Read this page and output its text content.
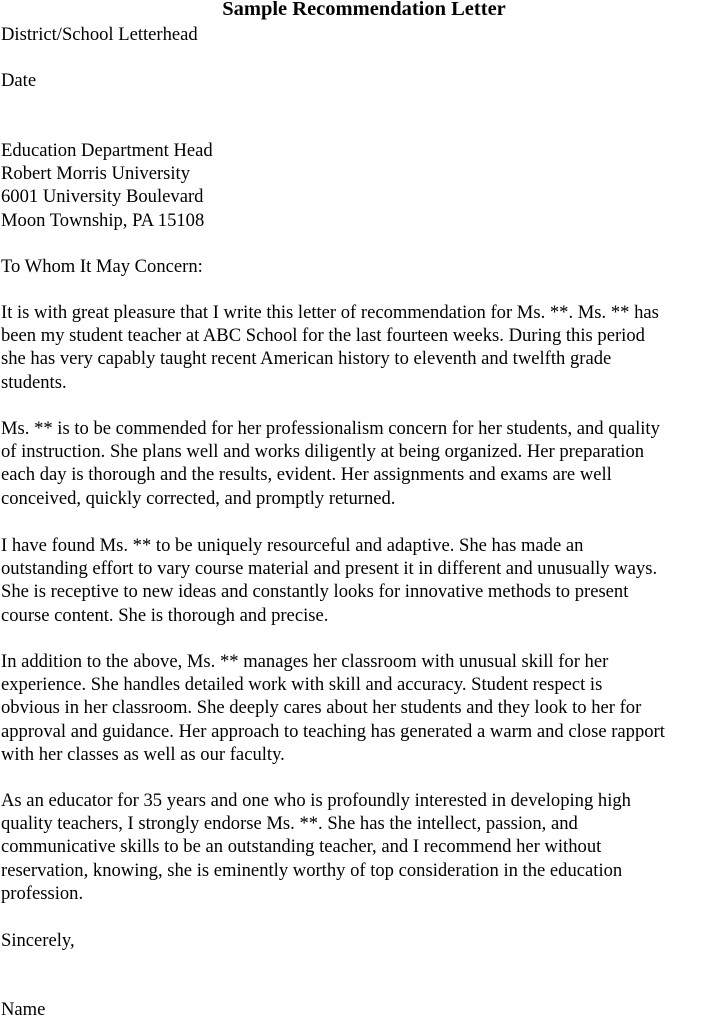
Sample Recommendation Letter
District/School Letterhead
Date
Education Department Head
Robert Morris University
6001 University Boulevard
Moon Township, PA 15108
To Whom It May Concern:
It is with great pleasure that I write this letter of recommendation for Ms. **. Ms. ** has
been my student teacher at ABC School for the last fourteen weeks. During this period
she has very capably taught recent American history to eleventh and twelfth grade
students.
Ms. ** is to be commended for her professionalism concern for her students, and quality
of instruction. She plans well and works diligently at being organized. Her preparation
each day is thorough and the results, evident. Her assignments and exams are well
conceived, quickly corrected, and promptly returned.
I have found Ms. ** to be uniquely resourceful and adaptive. She has made an
outstanding effort to vary course material and present it in different and unusually ways.
She is receptive to new ideas and constantly looks for innovative methods to present
course content. She is thorough and precise.
In addition to the above, Ms. ** manages her classroom with unusual skill for her
experience. She handles detailed work with skill and accuracy. Student respect is
obvious in her classroom. She deeply cares about her students and they look to her for
approval and guidance. Her approach to teaching has generated a warm and close rapport
with her classes as well as our faculty.
As an educator for 35 years and one who is profoundly interested in developing high
quality teachers, I strongly endorse Ms. **. She has the intellect, passion, and
communicative skills to be an outstanding teacher, and I recommend her without
reservation, knowing, she is eminently worthy of top consideration in the education
profession.
Sincerely,
Name
